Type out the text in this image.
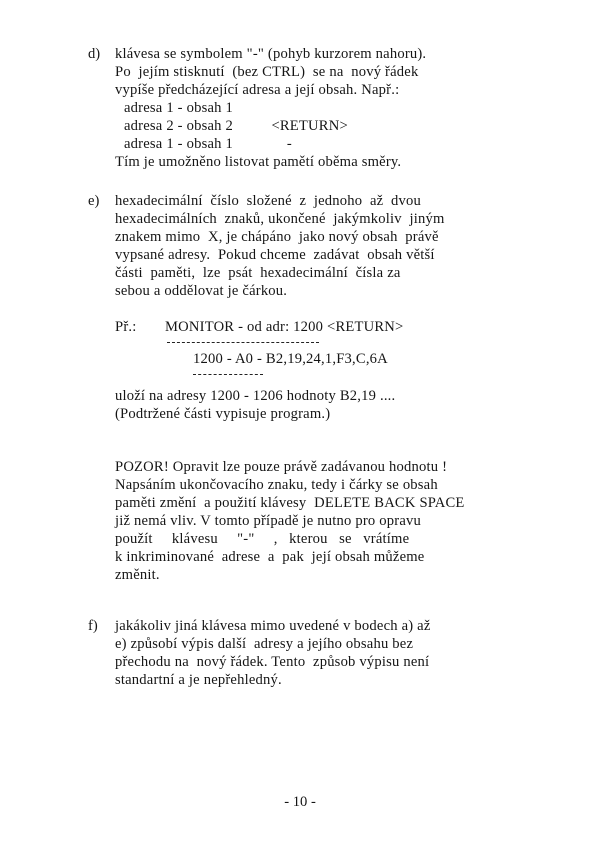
d) klávesa se symbolem "-" (pohyb kurzorem nahoru).
Po  jejím stisknutí  (bez CTRL)  se na  nový řádek
vypíše předcházející adresa a její obsah. Např.:
adresa 1 - obsah 1
adresa 2 - obsah 2          <RETURN>
adresa 1 - obsah 1              -
Tím je umožněno listovat pamětí oběma směry.
e) hexadecimální  číslo  složené  z  jednoho  až  dvou
hexadecimálních  znaků, ukončené  jakýmkoliv  jiným
znakem mimo  X, je chápáno  jako nový obsah  právě
vypsané adresy.  Pokud chceme  zadávat  obsah větší
části  paměti,  lze  psát  hexadecimální  čísla za
sebou a oddělovat je čárkou.
Př.: MONITOR - od adr: 1200 <RETURN>
1200 - A0 - B2,19,24,1,F3,C,6A
uloží na adresy 1200 - 1206 hodnoty B2,19 ....
(Podtržené části vypisuje program.)
POZOR! Opravit lze pouze právě zadávanou hodnotu !
Napsáním ukončovacího znaku, tedy i čárky se obsah
paměti změní  a použití klávesy  DELETE BACK SPACE
již nemá vliv. V tomto případě je nutno pro opravu
použít     klávesu     "-"     ,   kterou   se   vrátíme
k inkriminované  adrese  a  pak  její obsah můžeme
změnit.
f) jakákoliv jiná klávesa mimo uvedené v bodech a) až
e) způsobí výpis další  adresy a jejího obsahu bez
přechodu na  nový řádek. Tento  způsob výpisu není
standartní a je nepřehledný.
- 10 -
